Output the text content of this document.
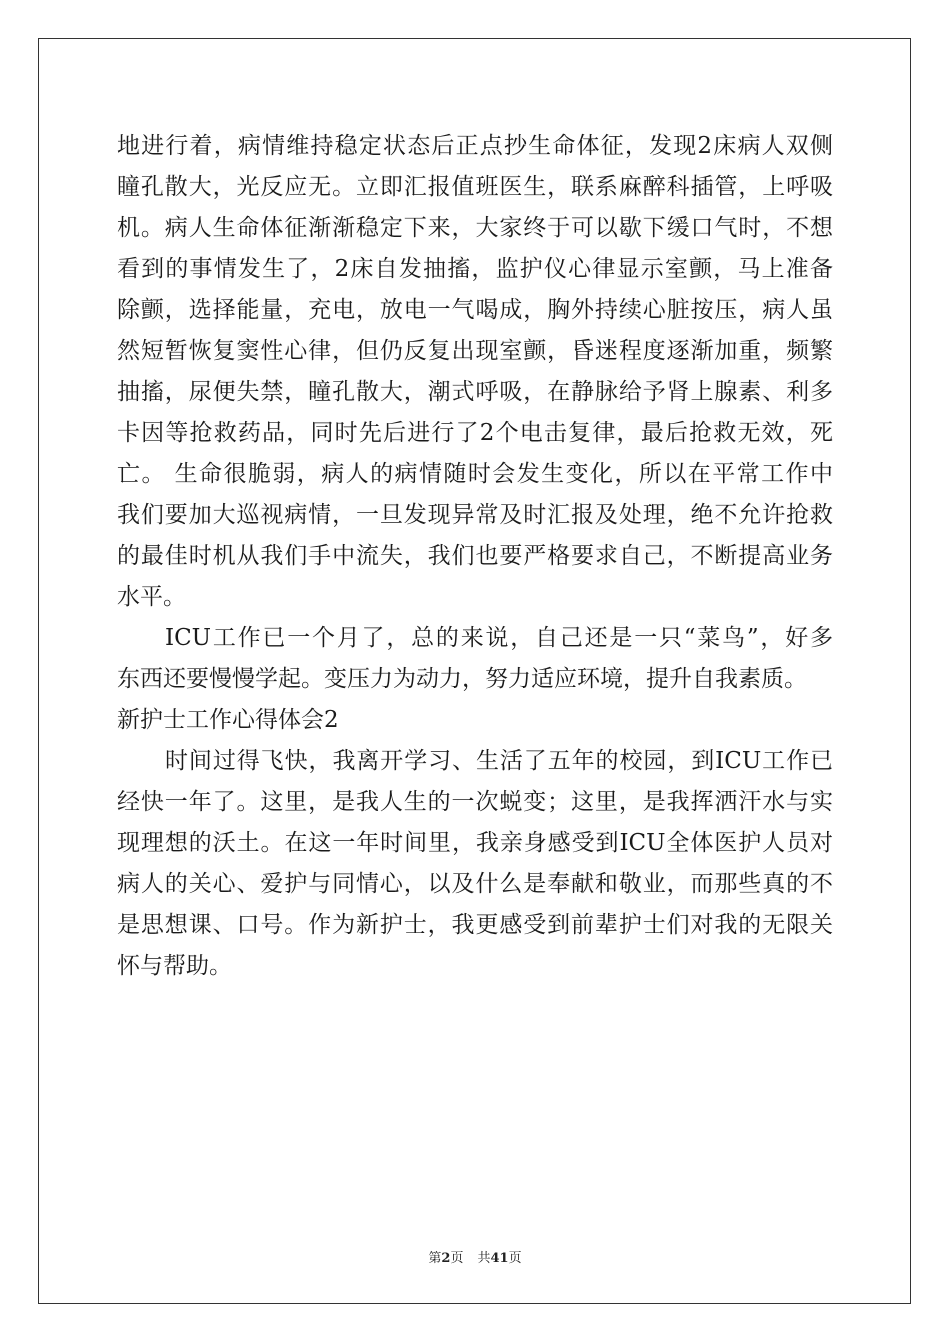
地进行着，病情维持稳定状态后正点抄生命体征，发现2床病人双侧
瞳孔散大，光反应无。立即汇报值班医生，联系麻醉科插管，上呼吸
机。病人生命体征渐渐稳定下来，大家终于可以歇下缓口气时，不想
看到的事情发生了，2床自发抽搐，监护仪心律显示室颤，马上准备
除颤，选择能量，充电，放电一气喝成，胸外持续心脏按压，病人虽
然短暂恢复窦性心律，但仍反复出现室颤，昏迷程度逐渐加重，频繁
抽搐，尿便失禁，瞳孔散大，潮式呼吸，在静脉给予肾上腺素、利多
卡因等抢救药品，同时先后进行了2个电击复律，最后抢救无效，死
亡。 生命很脆弱，病人的病情随时会发生变化，所以在平常工作中
我们要加大巡视病情，一旦发现异常及时汇报及处理，绝不允许抢救
的最佳时机从我们手中流失，我们也要严格要求自己，不断提高业务
水平。
ICU工作已一个月了，总的来说，自己还是一只“菜鸟”，好多
东西还要慢慢学起。变压力为动力，努力适应环境，提升自我素质。
新护士工作心得体会2
时间过得飞快，我离开学习、生活了五年的校园，到ICU工作已
经快一年了。这里，是我人生的一次蜕变；这里，是我挥洒汗水与实
现理想的沃土。在这一年时间里，我亲身感受到ICU全体医护人员对
病人的关心、爱护与同情心，以及什么是奉献和敬业，而那些真的不
是思想课、口号。作为新护士，我更感受到前辈护士们对我的无限关
怀与帮助。
第2页 共41页
